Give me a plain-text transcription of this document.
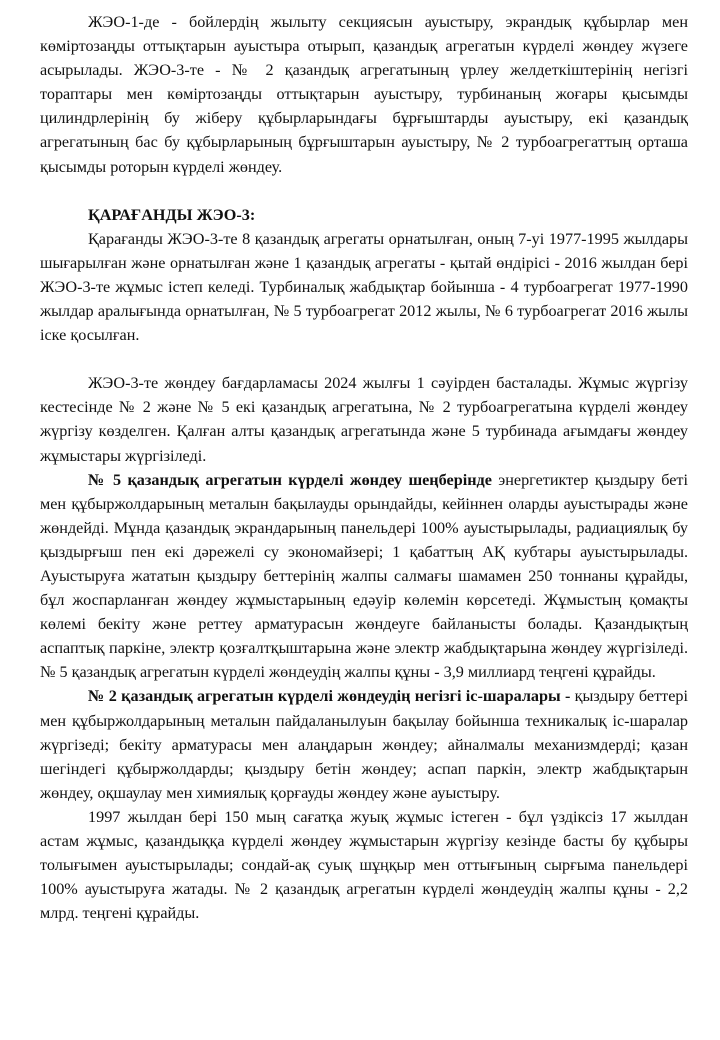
ЖЭО-1-де - бойлердің жылыту секциясын ауыстыру, экрандық құбырлар мен көміртозаңды оттықтарын ауыстыра отырып, қазандық агрегатын күрделі жөндеу жүзеге асырылады. ЖЭО-3-те - № 2 қазандық агрегатының үрлеу желдеткіштерінің негізгі тораптары мен көміртозаңды оттықтарын ауыстыру, турбинаның жоғары қысымды цилиндрлерінің бу жіберу құбырларындағы бұрғыштарды ауыстыру, екі қазандық агрегатының бас бу құбырларының бұрғыштарын ауыстыру, № 2 турбоагрегаттың орташа қысымды роторын күрделі жөндеу.

ҚАРАҒАНДЫ ЖЭО-3:

Қарағанды ЖЭО-3-те 8 қазандық агрегаты орнатылған, оның 7-уі 1977-1995 жылдары шығарылған және орнатылған және 1 қазандық агрегаты - қытай өндірісі - 2016 жылдан бері ЖЭО-3-те жұмыс істеп келеді. Турбиналық жабдықтар бойынша - 4 турбоагрегат 1977-1990 жылдар аралығында орнатылған, № 5 турбоагрегат 2012 жылы, № 6 турбоагрегат 2016 жылы іске қосылған.

ЖЭО-3-те жөндеу бағдарламасы 2024 жылғы 1 сәуірден басталады. Жұмыс жүргізу кестесінде № 2 және № 5 екі қазандық агрегатына, № 2 турбоагрегатына күрделі жөндеу жүргізу көзделген. Қалған алты қазандық агрегатында және 5 турбинада ағымдағы жөндеу жұмыстары жүргізіледі.

№ 5 қазандық агрегатын күрделі жөндеу шеңберінде энергетиктер қыздыру беті мен құбыржолдарының металын бақылауды орындайды, кейіннен оларды ауыстырады және жөндейді. Мұнда қазандық экрандарының панельдері 100% ауыстырылады, радиациялық бу қыздырғыш пен екі дәрежелі су экономайзері; 1 қабаттың АҚ кубтары ауыстырылады. Ауыстыруға жататын қыздыру беттерінің жалпы салмағы шамамен 250 тоннаны құрайды, бұл жоспарланған жөндеу жұмыстарының едәуір көлемін көрсетеді. Жұмыстың қомақты көлемі бекіту және реттеу арматурасын жөндеуге байланысты болады. Қазандықтың аспаптық паркіне, электр қозғалтқыштарына және электр жабдықтарына жөндеу жүргізіледі. № 5 қазандық агрегатын күрделі жөндеудің жалпы құны - 3,9 миллиард теңгені құрайды.

№ 2 қазандық агрегатын күрделі жөндеудің негізгі іс-шаралары - қыздыру беттері мен құбыржолдарының металын пайдаланылуын бақылау бойынша техникалық іс-шаралар жүргізеді; бекіту арматурасы мен алаңдарын жөндеу; айналмалы механизмдерді; қазан шегіндегі құбыржолдарды; қыздыру бетін жөндеу; аспап паркін, электр жабдықтарын жөндеу, оқшаулау мен химиялық қорғауды жөндеу және ауыстыру.

1997 жылдан бері 150 мың сағатқа жуық жұмыс істеген - бұл үздіксіз 17 жылдан астам жұмыс, қазандыққа күрделі жөндеу жұмыстарын жүргізу кезінде басты бу құбыры толығымен ауыстырылады; сондай-ақ суық шұңқыр мен оттығының сырғыма панельдері 100% ауыстыруға жатады. № 2 қазандық агрегатын күрделі жөндеудің жалпы құны - 2,2 млрд. теңгені құрайды.
